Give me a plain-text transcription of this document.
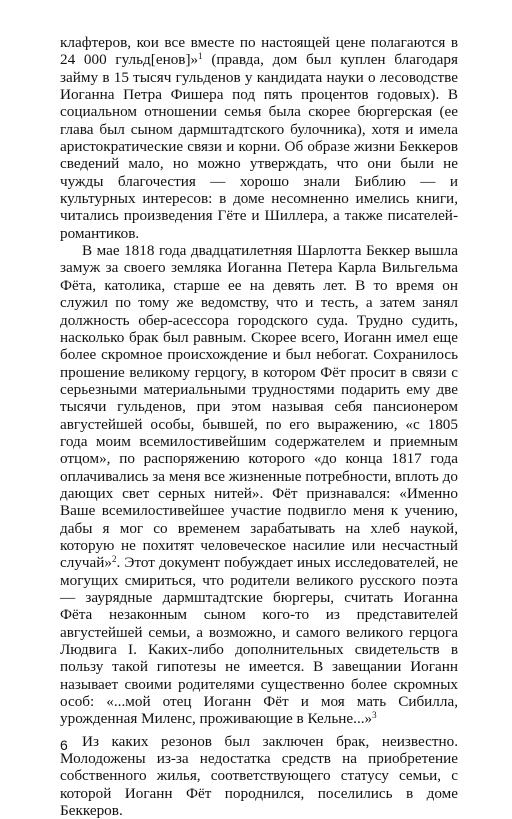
клафтеров, кои все вместе по настоящей цене полагаются в 24 000 гульд[енов]»$^1$ (правда, дом был куплен благодаря займу в 15 тысяч гульденов у кандидата науки о лесоводстве Иоганна Петра Фишера под пять процентов годовых). В социальном отношении семья была скорее бюргерская (ее глава был сыном дармштадтского булочника), хотя и имела аристократические связи и корни. Об образе жизни Беккеров сведений мало, но можно утверждать, что они были не чужды благочестия — хорошо знали Библию — и культурных интересов: в доме несомненно имелись книги, читались произведения Гёте и Шиллера, а также писателей-романтиков.

В мае 1818 года двадцатилетняя Шарлотта Беккер вышла замуж за своего земляка Иоганна Петера Карла Вильгельма Фёта, католика, старше ее на девять лет. В то время он служил по тому же ведомству, что и тесть, а затем занял должность обер-асессора городского суда. Трудно судить, насколько брак был равным. Скорее всего, Иоганн имел еще более скромное происхождение и был небогат. Сохранилось прошение великому герцогу, в котором Фёт просит в связи с серьезными материальными трудностями подарить ему две тысячи гульденов, при этом называя себя пансионером августейшей особы, бывшей, по его выражению, «с 1805 года моим всемилостивейшим содержателем и приемным отцом», по распоряжению которого «до конца 1817 года оплачивались за меня все жизненные потребности, вплоть до дающих свет серных нитей». Фёт признавался: «Именно Ваше всемилостивейшее участие подвигло меня к учению, дабы я мог со временем зарабатывать на хлеб наукой, которую не похитят человеческое насилие или несчастный случай»$^2$. Этот документ побуждает иных исследователей, не могущих смириться, что родители великого русского поэта — заурядные дармштадтские бюргеры, считать Иоганна Фёта незаконным сыном кого-то из представителей августейшей семьи, а возможно, и самого великого герцога Людвига I. Каких-либо дополнительных свидетельств в пользу такой гипотезы не имеется. В завещании Иоганн называет своими родителями существенно более скромных особ: «...мой отец Иоганн Фёт и моя мать Сибилла, урожденная Миленс, проживающие в Кельне...»$^3$

Из каких резонов был заключен брак, неизвестно. Молодожены из-за недостатка средств на приобретение собственного жилья, соответствующего статусу семьи, с которой Иоганн Фёт породнился, поселились в доме Беккеров.

6
